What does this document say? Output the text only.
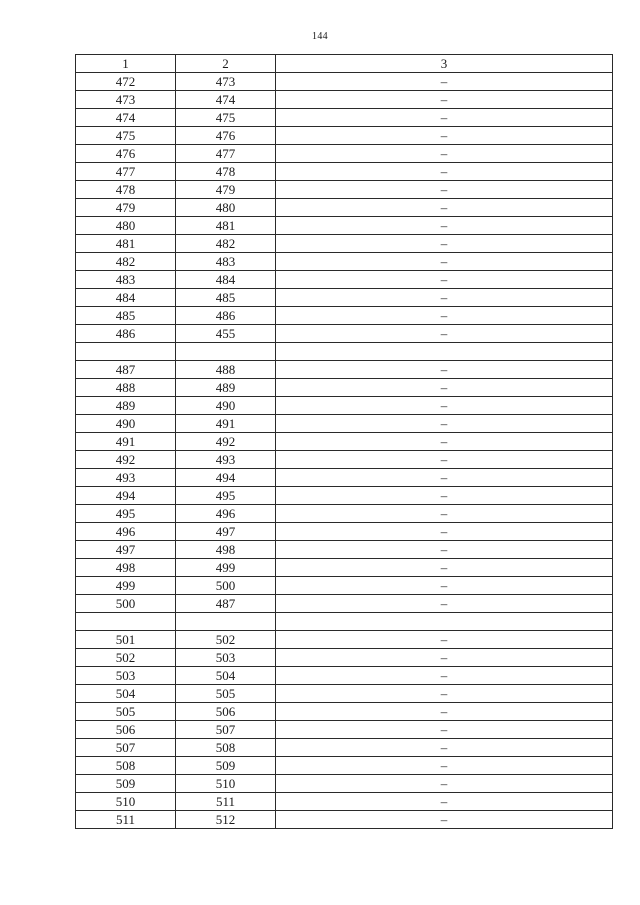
144
1	2	3
472	473	–
473	474	–
474	475	–
475	476	–
476	477	–
477	478	–
478	479	–
479	480	–
480	481	–
481	482	–
482	483	–
483	484	–
484	485	–
485	486	–
486	455	–

487	488	–
488	489	–
489	490	–
490	491	–
491	492	–
492	493	–
493	494	–
494	495	–
495	496	–
496	497	–
497	498	–
498	499	–
499	500	–
500	487	–

501	502	–
502	503	–
503	504	–
504	505	–
505	506	–
506	507	–
507	508	–
508	509	–
509	510	–
510	511	–
511	512	–
